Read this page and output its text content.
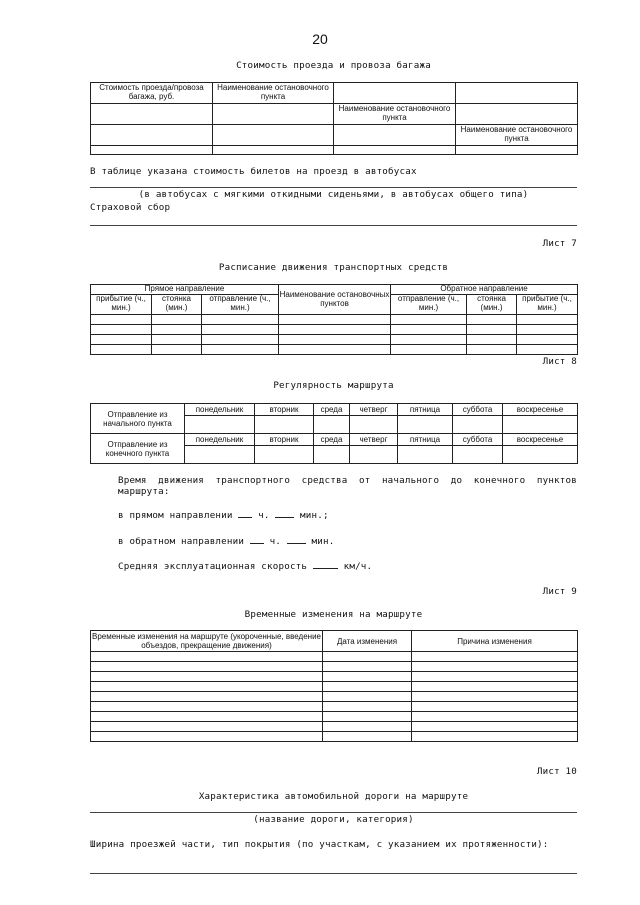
20
Стоимость проезда и провоза багажа
Стоимость проезда/провоза багажа, руб.	Наименование остановочного пункта		
		Наименование остановочного пункта	
			Наименование остановочного пункта

В таблице указана стоимость билетов на проезд в автобусах
(в автобусах с мягкими откидными сиденьями, в автобусах общего типа)
Страховой сбор
Лист 7
Расписание движения транспортных средств
Прямое направление			Наименование остановочных пунктов	Обратное направление		
прибытие (ч., мин.)	стоянка (мин.)	отправление (ч., мин.)		отправление (ч., мин.)	стоянка (мин.)	прибытие (ч., мин.)

Лист 8
Регулярность маршрута
Отправление из начального пункта	понедельник	вторник	среда	четверг	пятница	суббота	воскресенье

Отправление из конечного пункта	понедельник	вторник	среда	четверг	пятница	суббота	воскресенье

Время движения транспортного средства от начального до конечного пунктов маршрута:
в прямом направлении	ч.	мин.;
в обратном направлении	ч.	мин.
Средняя эксплуатационная скорость	км/ч.
Лист 9
Временные изменения на маршруте
Временные изменения на маршруте (укороченные, введение объездов, прекращение движения)	Дата изменения	Причина изменения

Лист 10
Характеристика автомобильной дороги на маршруте
(название дороги, категория)
Ширина проезжей части, тип покрытия (по участкам, с указанием их протяженности):
